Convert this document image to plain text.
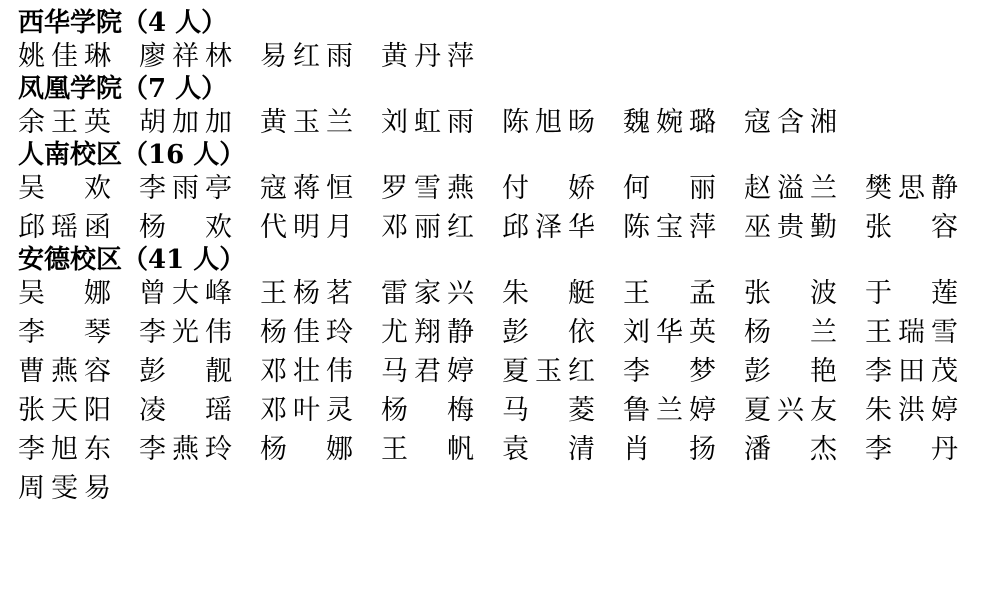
西华学院（4 人）
姚 佳 琳 廖 祥 林 易 红 雨 黄 丹 萍
凤凰学院（7 人）
余 王 英 胡 加 加 黄 玉 兰 刘 虹 雨 陈 旭 旸 魏 婉 璐 寇 含 湘
人南校区（16 人）
吴 欢 李 雨 亭 寇 蒋 恒 罗 雪 燕 付 娇 何 丽 赵 溢 兰 樊 思 静
邱 瑶 函 杨 欢 代 明 月 邓 丽 红 邱 泽 华 陈 宝 萍 巫 贵 勤 张 容
安德校区（41 人）
吴 娜 曾 大 峰 王 杨 茗 雷 家 兴 朱 艇 王 孟 张 波 于 莲
李 琴 李 光 伟 杨 佳 玲 尤 翔 静 彭 依 刘 华 英 杨 兰 王 瑞 雪
曹 燕 容 彭 靓 邓 壮 伟 马 君 婷 夏 玉 红 李 梦 彭 艳 李 田 茂
张 天 阳 凌 瑶 邓 叶 灵 杨 梅 马 菱 鲁 兰 婷 夏 兴 友 朱 洪 婷
李 旭 东 李 燕 玲 杨 娜 王 帆 袁 清 肖 扬 潘 杰 李 丹
周 雯 易
